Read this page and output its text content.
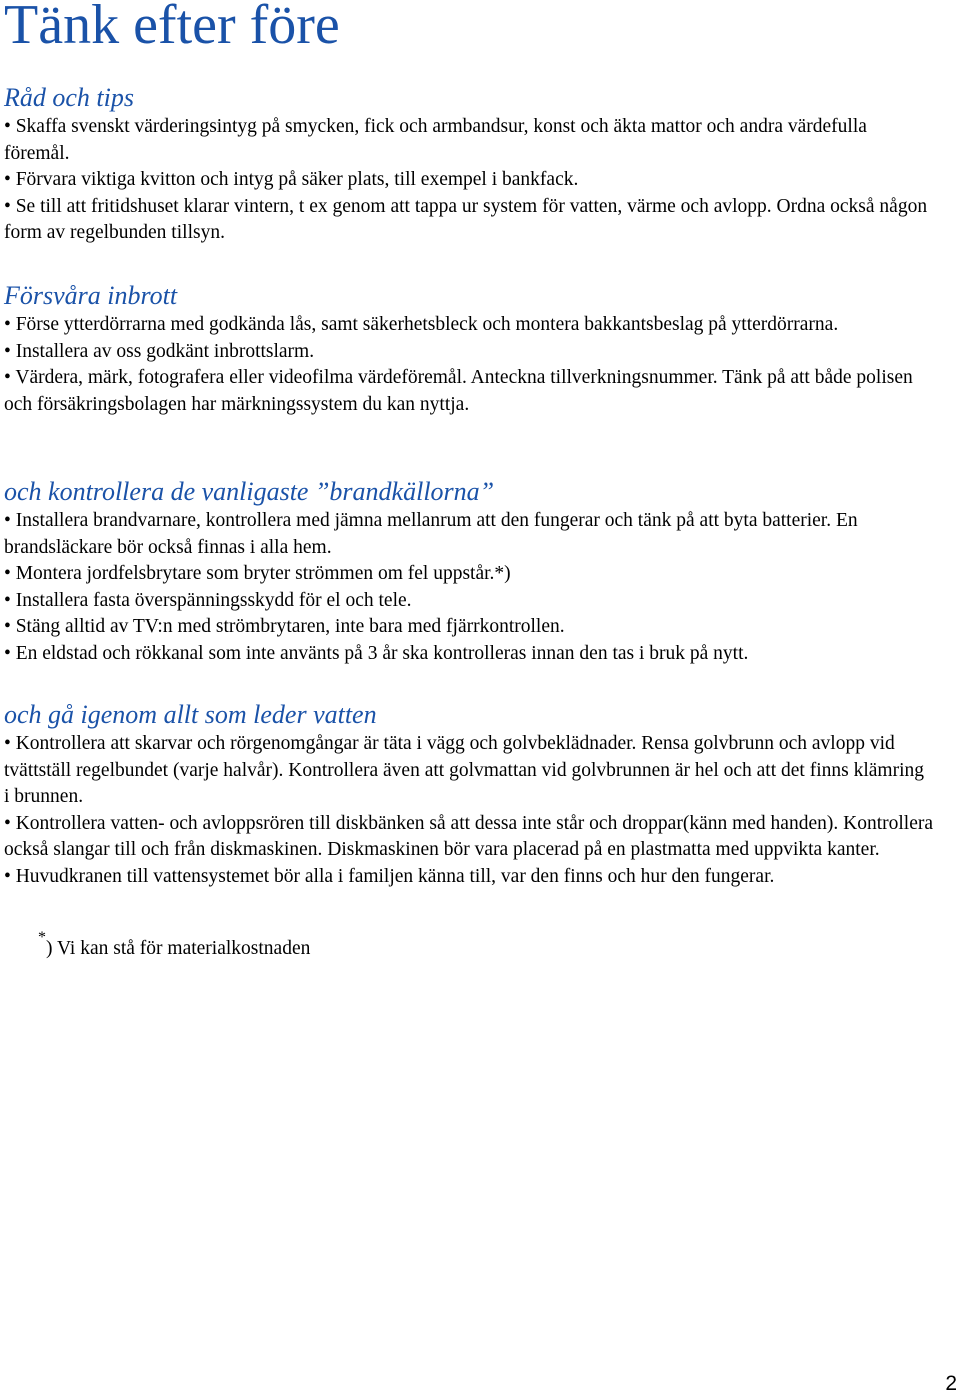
Tänk efter före
Råd och tips
• Skaffa svenskt värderingsintyg på smycken, fick och armbandsur, konst och äkta mattor och andra värdefulla föremål.
• Förvara viktiga kvitton och intyg på säker plats, till exempel i bankfack.
• Se till att fritidshuset klarar vintern, t ex genom att tappa ur system för vatten, värme och avlopp. Ordna också någon form av regelbunden tillsyn.
Försvåra inbrott
• Förse ytterdörrarna med godkända lås, samt säkerhetsbleck och montera bakkantsbeslag på ytterdörrarna.
• Installera av oss godkänt inbrottslarm.
• Värdera, märk, fotografera eller videofilma värdeföremål. Anteckna tillverkningsnummer. Tänk på att både polisen och försäkringsbolagen har märkningssystem du kan nyttja.
och kontrollera de vanligaste ”brandkällorna”
• Installera brandvarnare, kontrollera med jämna mellanrum att den fungerar och tänk på att byta batterier. En brandsläckare bör också finnas i alla hem.
• Montera jordfelsbrytare som bryter strömmen om fel uppstår.*)
• Installera fasta överspänningsskydd för el och tele.
• Stäng alltid av TV:n med strömbrytaren, inte bara med fjärrkontrollen.
• En eldstad och rökkanal som inte använts på 3 år ska kontrolleras innan den tas i bruk på nytt.
och gå igenom allt som leder vatten
• Kontrollera att skarvar och rörgenomgångar är täta i vägg och golvbeklädnader. Rensa golvbrunn och avlopp vid tvättställ regelbundet (varje halvår). Kontrollera även att golvmattan vid golvbrunnen är hel och att det finns klämring i brunnen.
• Kontrollera vatten- och avloppsrören till diskbänken så att dessa inte står och droppar(känn med handen). Kontrollera också slangar till och från diskmaskinen. Diskmaskinen bör vara placerad på en plastmatta med uppvikta kanter.
• Huvudkranen till vattensystemet bör alla i familjen känna till, var den finns och hur den fungerar.
*) Vi kan stå för materialkostnaden
2
